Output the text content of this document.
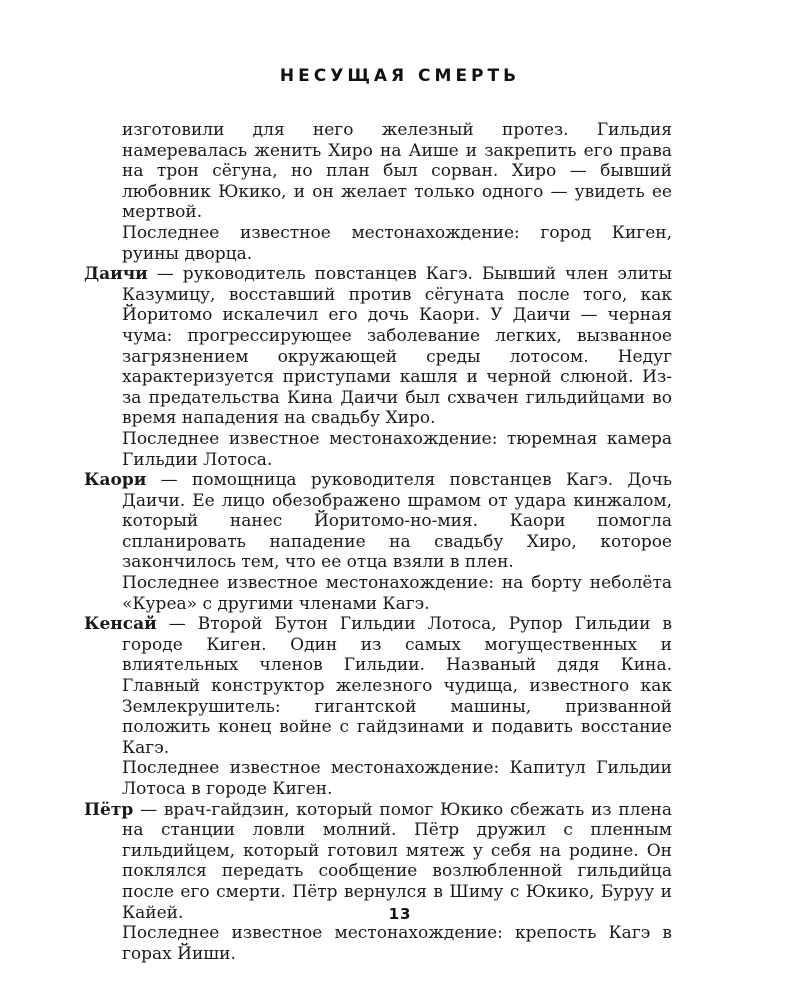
НЕСУЩАЯ СМЕРТЬ

изготовили для него железный протез. Гильдия намеревалась женить Хиро на Аише и закрепить его права на трон сёгуна, но план был сорван. Хиро — бывший любовник Юкико, и он желает только одного — увидеть ее мертвой.

Последнее известное местонахождение: город Киген, руины дворца.

Даичи — руководитель повстанцев Кагэ. Бывший член элиты Казумицу, восставший против сёгуната после того, как Йоритомо искалечил его дочь Каори. У Даичи — черная чума: прогрессирующее заболевание легких, вызванное загрязнением окружающей среды лотосом. Недуг характеризуется приступами кашля и черной слюной. Из-за предательства Кина Даичи был схвачен гильдийцами во время нападения на свадьбу Хиро.

Последнее известное местонахождение: тюремная камера Гильдии Лотоса.

Каори — помощница руководителя повстанцев Кагэ. Дочь Даичи. Ее лицо обезображено шрамом от удара кинжалом, который нанес Йоритомо-но-мия. Каори помогла спланировать нападение на свадьбу Хиро, которое закончилось тем, что ее отца взяли в плен.

Последнее известное местонахождение: на борту неболёта «Куреа» с другими членами Кагэ.

Кенсай — Второй Бутон Гильдии Лотоса, Рупор Гильдии в городе Киген. Один из самых могущественных и влиятельных членов Гильдии. Названый дядя Кина. Главный конструктор железного чудища, известного как Землекрушитель: гигантской машины, призванной положить конец войне с гайдзинами и подавить восстание Кагэ.

Последнее известное местонахождение: Капитул Гильдии Лотоса в городе Киген.

Пётр — врач-гайдзин, который помог Юкико сбежать из плена на станции ловли молний. Пётр дружил с пленным гильдийцем, который готовил мятеж у себя на родине. Он поклялся передать сообщение возлюбленной гильдийца после его смерти. Пётр вернулся в Шиму с Юкико, Буруу и Кайей.

Последнее известное местонахождение: крепость Кагэ в горах Йиши.

13
